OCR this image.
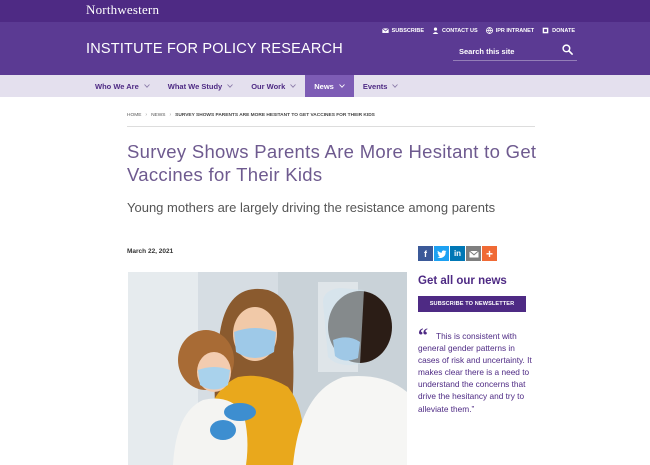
Northwestern
SUBSCRIBE	CONTACT US	IPR INTRANET	DONATE
INSTITUTE FOR POLICY RESEARCH
Search this site
Who We Are	What We Study	Our Work	News	Events
HOME › NEWS › SURVEY SHOWS PARENTS ARE MORE HESITANT TO GET VACCINES FOR THEIR KIDS
Survey Shows Parents Are More Hesitant to Get Vaccines for Their Kids
Young mothers are largely driving the resistance among parents
March 22, 2021	f	in +
Get all our news
SUBSCRIBE TO NEWSLETTER
“ This is consistent with general gender patterns in cases of risk and uncertainty. It makes clear there is a need to understand the concerns that drive the hesitancy and try to alleviate them.”
